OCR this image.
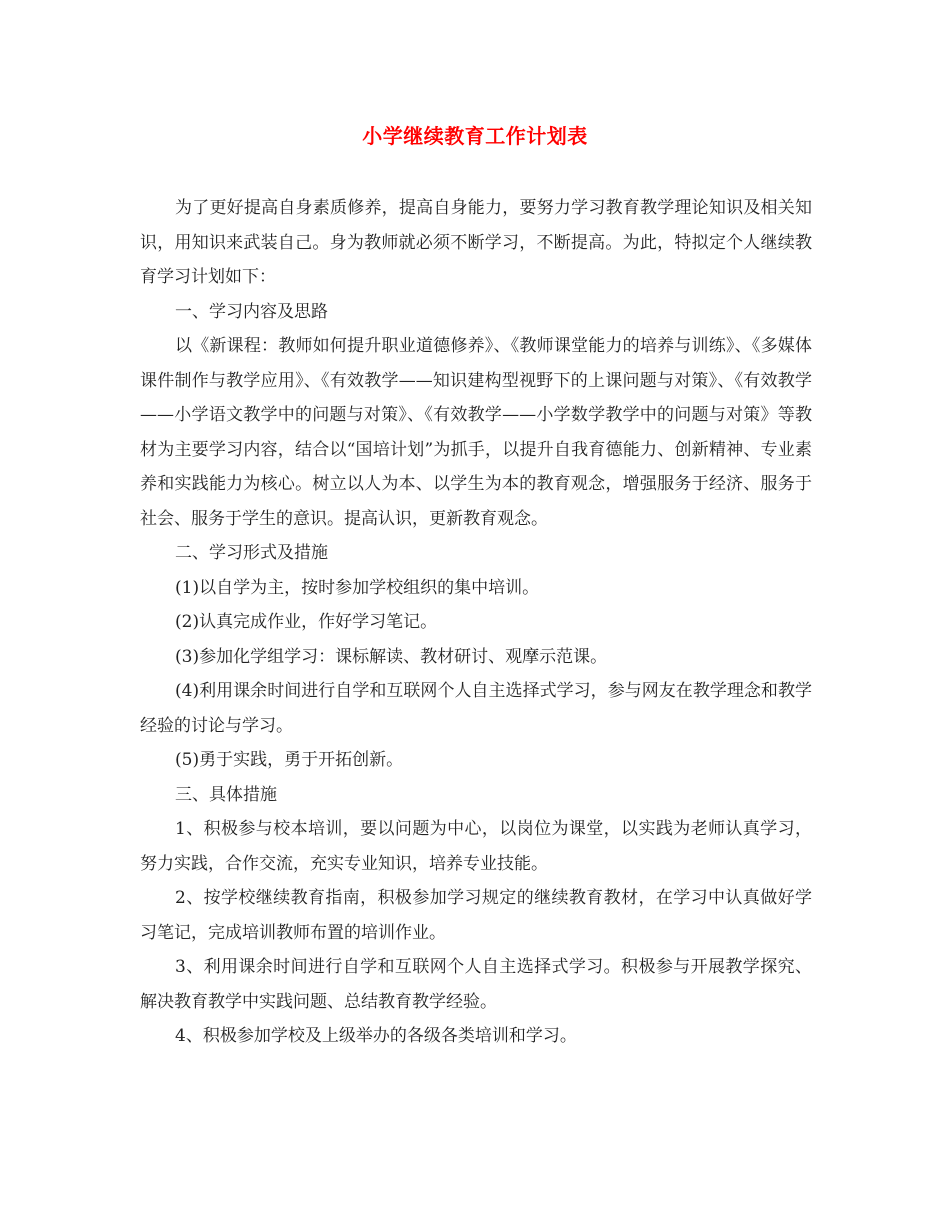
小学继续教育工作计划表

为了更好提高自身素质修养，提高自身能力，要努力学习教育教学理论知识及相关知识，用知识来武装自己。身为教师就必须不断学习，不断提高。为此，特拟定个人继续教育学习计划如下：

一、学习内容及思路

以《新课程：教师如何提升职业道德修养》、《教师课堂能力的培养与训练》、《多媒体课件制作与教学应用》、《有效教学——知识建构型视野下的上课问题与对策》、《有效教学——小学语文教学中的问题与对策》、《有效教学——小学数学教学中的问题与对策》等教材为主要学习内容，结合以“国培计划”为抓手，以提升自我育德能力、创新精神、专业素养和实践能力为核心。树立以人为本、以学生为本的教育观念，增强服务于经济、服务于社会、服务于学生的意识。提高认识，更新教育观念。

二、学习形式及措施

(1)以自学为主，按时参加学校组织的集中培训。

(2)认真完成作业，作好学习笔记。

(3)参加化学组学习：课标解读、教材研讨、观摩示范课。

(4)利用课余时间进行自学和互联网个人自主选择式学习，参与网友在教学理念和教学经验的讨论与学习。

(5)勇于实践，勇于开拓创新。

三、具体措施

1、积极参与校本培训，要以问题为中心，以岗位为课堂，以实践为老师认真学习，努力实践，合作交流，充实专业知识，培养专业技能。

2、按学校继续教育指南，积极参加学习规定的继续教育教材，在学习中认真做好学习笔记，完成培训教师布置的培训作业。

3、利用课余时间进行自学和互联网个人自主选择式学习。积极参与开展教学探究、解决教育教学中实践问题、总结教育教学经验。

4、积极参加学校及上级举办的各级各类培训和学习。
